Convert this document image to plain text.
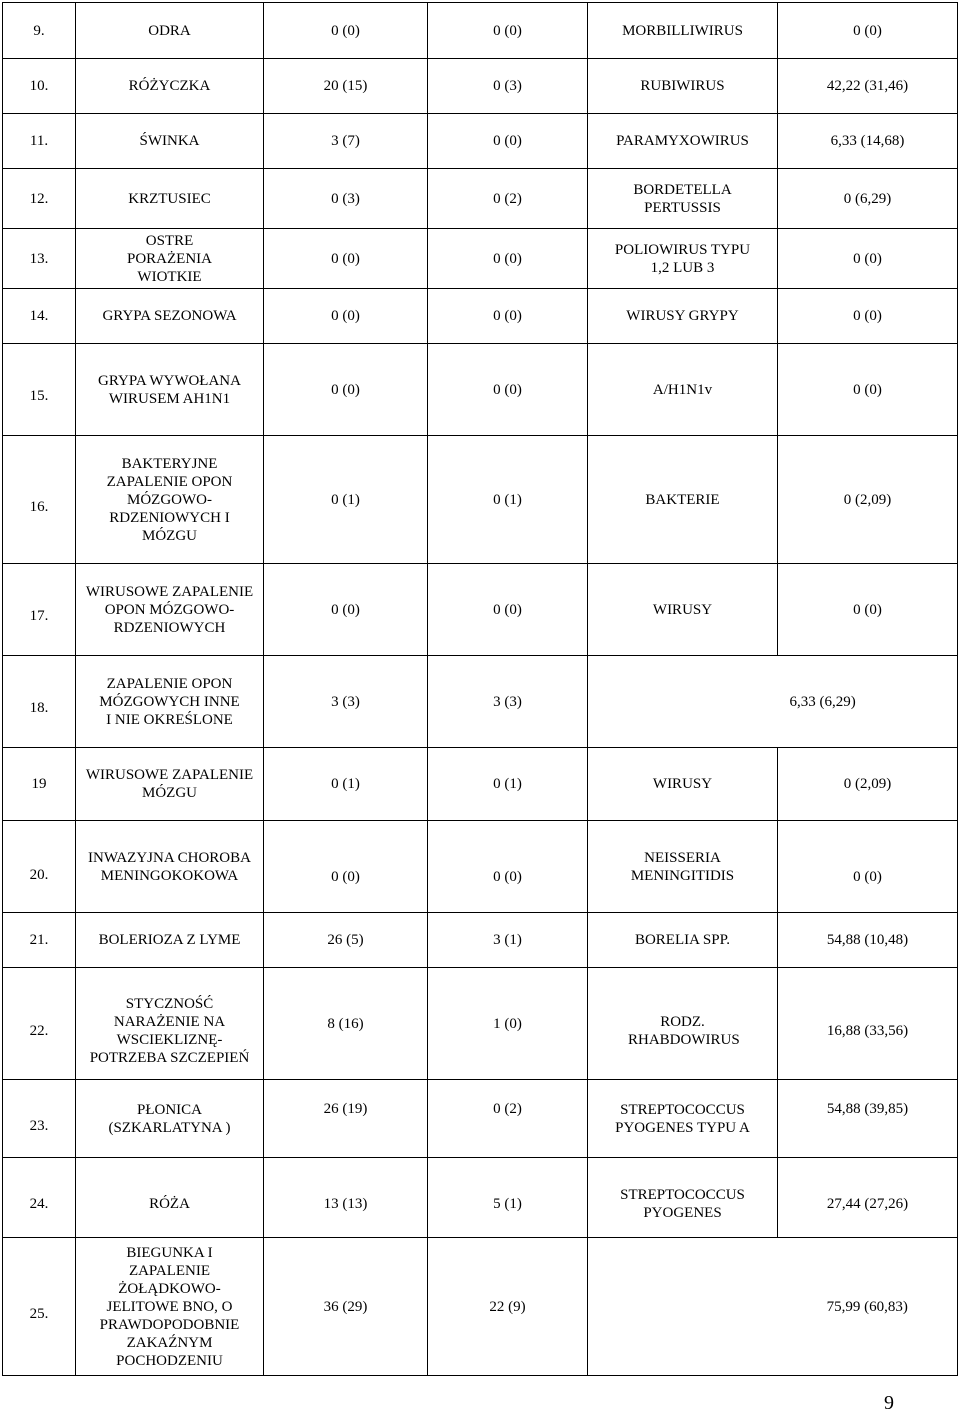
9.	ODRA	0 (0)	0 (0)	MORBILLIWIRUS	0 (0)
10.	RÓŻYCZKA	20 (15)	0 (3)	RUBIWIRUS	42,22 (31,46)
11.	ŚWINKA	3 (7)	0 (0)	PARAMYXOWIRUS	6,33 (14,68)
12.	KRZTUSIEC	0 (3)	0 (2)	BORDETELLA PERTUSSIS	0 (6,29)
13.	OSTRE PORAŻENIA WIOTKIE	0 (0)	0 (0)	POLIOWIRUS TYPU 1,2 LUB 3	0 (0)
14.	GRYPA SEZONOWA	0 (0)	0 (0)	WIRUSY GRYPY	0 (0)
15.	GRYPA WYWOŁANA WIRUSEM AH1N1	0 (0)	0 (0)	A/H1N1v	0 (0)
16.	BAKTERYJNE ZAPALENIE OPON MÓZGOWO-RDZENIOWYCH I MÓZGU	0 (1)	0 (1)	BAKTERIE	0 (2,09)
17.	WIRUSOWE ZAPALENIE OPON MÓZGOWO-RDZENIOWYCH	0 (0)	0 (0)	WIRUSY	0 (0)
18.	ZAPALENIE OPON MÓZGOWYCH INNE I NIE OKREŚLONE	3 (3)	3 (3)		6,33 (6,29)
19	WIRUSOWE ZAPALENIE MÓZGU	0 (1)	0 (1)	WIRUSY	0 (2,09)
20.	INWAZYJNA CHOROBA MENINGOKOKOWA	0 (0)	0 (0)	NEISSERIA MENINGITIDIS	0 (0)
21.	BOLERIOZA Z LYME	26 (5)	3 (1)	BORELIA SPP.	54,88 (10,48)
22.	STYCZNOŚĆ NARAŻENIE NA WSCIEKLIZNĘ- POTRZEBA SZCZEPIEŃ	8 (16)	1 (0)	RODZ. RHABDOWIRUS	16,88 (33,56)
23.	PŁONICA (SZKARLATYNA )	26 (19)	0 (2)	STREPTOCOCCUS PYOGENES TYPU A	54,88 (39,85)
24.	RÓŻA	13 (13)	5 (1)	STREPTOCOCCUS PYOGENES	27,44 (27,26)
25.	BIEGUNKA I ZAPALENIE ŻOŁĄDKOWO-JELITOWE BNO, O PRAWDOPODOBNIE ZAKAŹNYM POCHODZENIU	36 (29)	22 (9)		75,99 (60,83)
9
